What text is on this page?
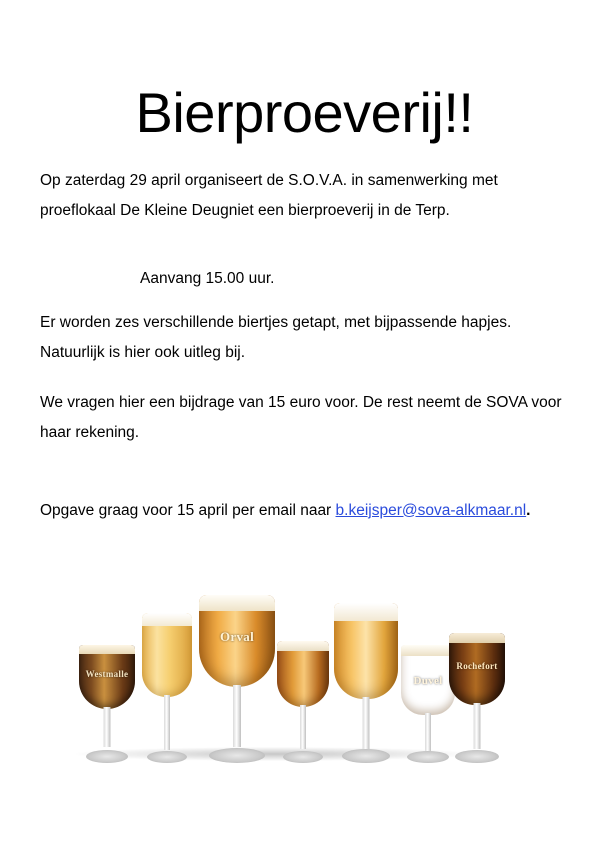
Bierproeverij!!

Op zaterdag 29 april organiseert de S.O.V.A. in samenwerking met proeflokaal De Kleine Deugniet een bierproeverij in de Terp.

Aanvang 15.00 uur.

Er worden zes verschillende biertjes getapt, met bijpassende hapjes. Natuurlijk is hier ook uitleg bij.

We vragen hier een bijdrage van 15 euro voor. De rest neemt de SOVA voor haar rekening.

Opgave graag voor 15 april per email naar b.keijsper@sova-alkmaar.nl.

Westmalle
Orval
Duvel
Rochefort
